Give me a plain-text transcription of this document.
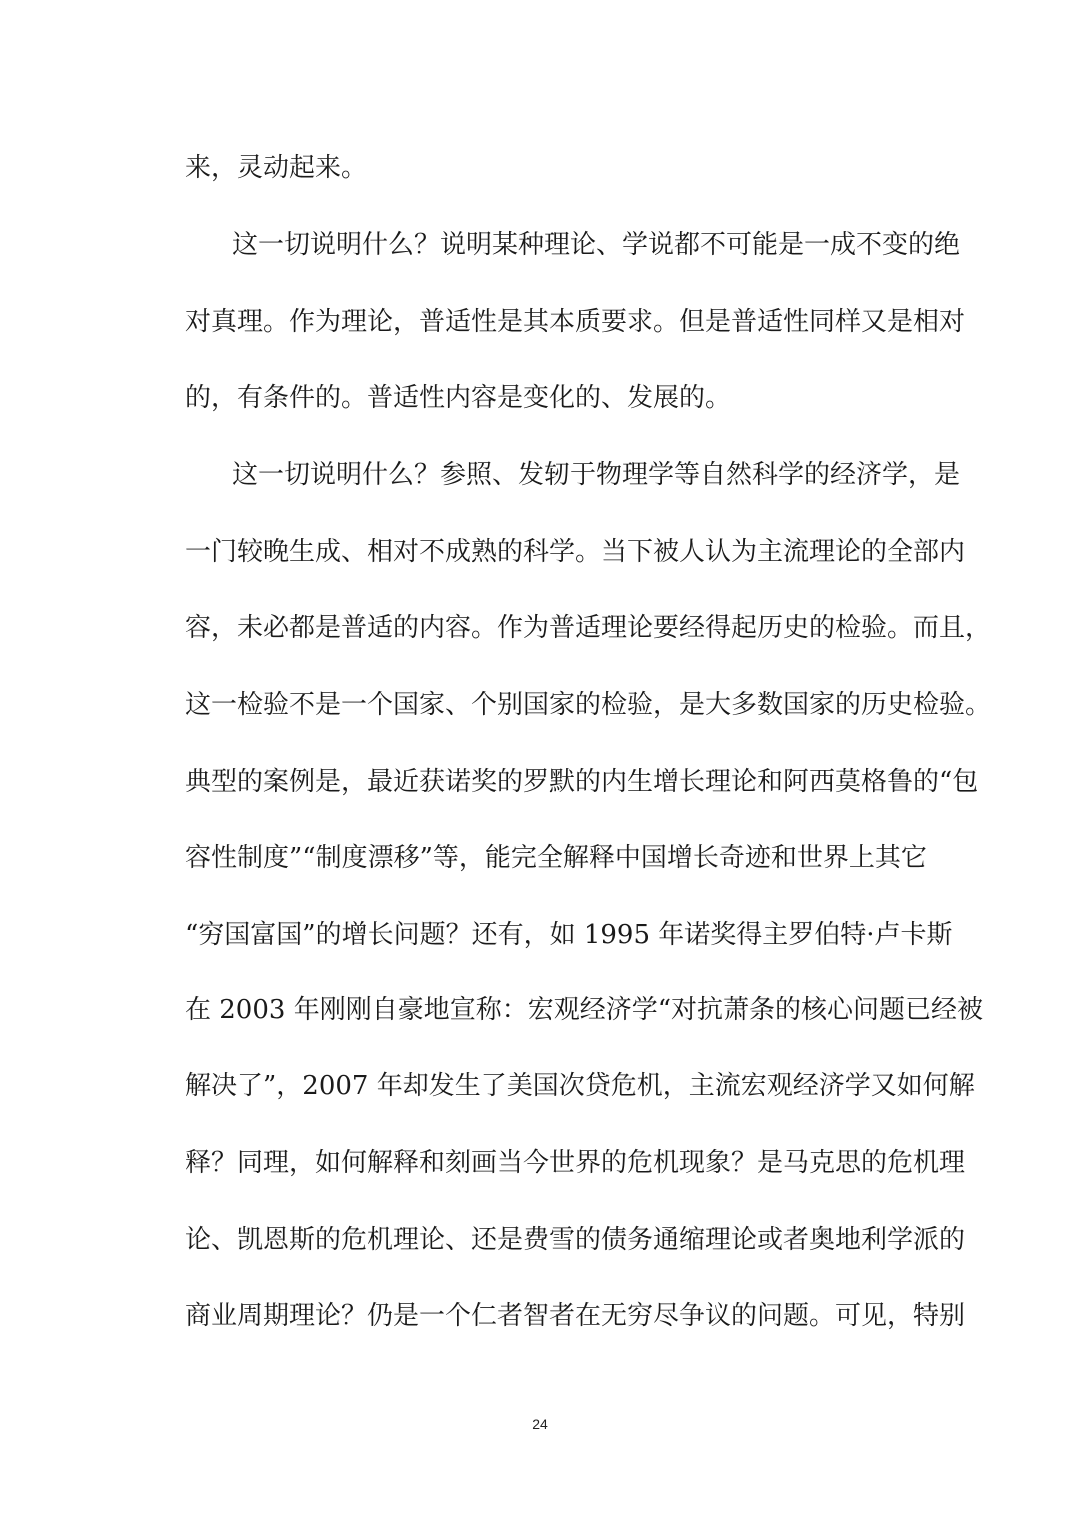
来，灵动起来。
这一切说明什么？说明某种理论、学说都不可能是一成不变的绝
对真理。作为理论，普适性是其本质要求。但是普适性同样又是相对
的，有条件的。普适性内容是变化的、发展的。
这一切说明什么？参照、发轫于物理学等自然科学的经济学，是
一门较晚生成、相对不成熟的科学。当下被人认为主流理论的全部内
容，未必都是普适的内容。作为普适理论要经得起历史的检验。而且，
这一检验不是一个国家、个别国家的检验，是大多数国家的历史检验。
典型的案例是，最近获诺奖的罗默的内生增长理论和阿西莫格鲁的“包
容性制度”“制度漂移”等，能完全解释中国增长奇迹和世界上其它
“穷国富国”的增长问题？还有，如 1995 年诺奖得主罗伯特·卢卡斯
在 2003 年刚刚自豪地宣称：宏观经济学“对抗萧条的核心问题已经被
解决了”，2007 年却发生了美国次贷危机，主流宏观经济学又如何解
释？同理，如何解释和刻画当今世界的危机现象？是马克思的危机理
论、凯恩斯的危机理论、还是费雪的债务通缩理论或者奥地利学派的
商业周期理论？仍是一个仁者智者在无穷尽争议的问题。可见，特别
24
